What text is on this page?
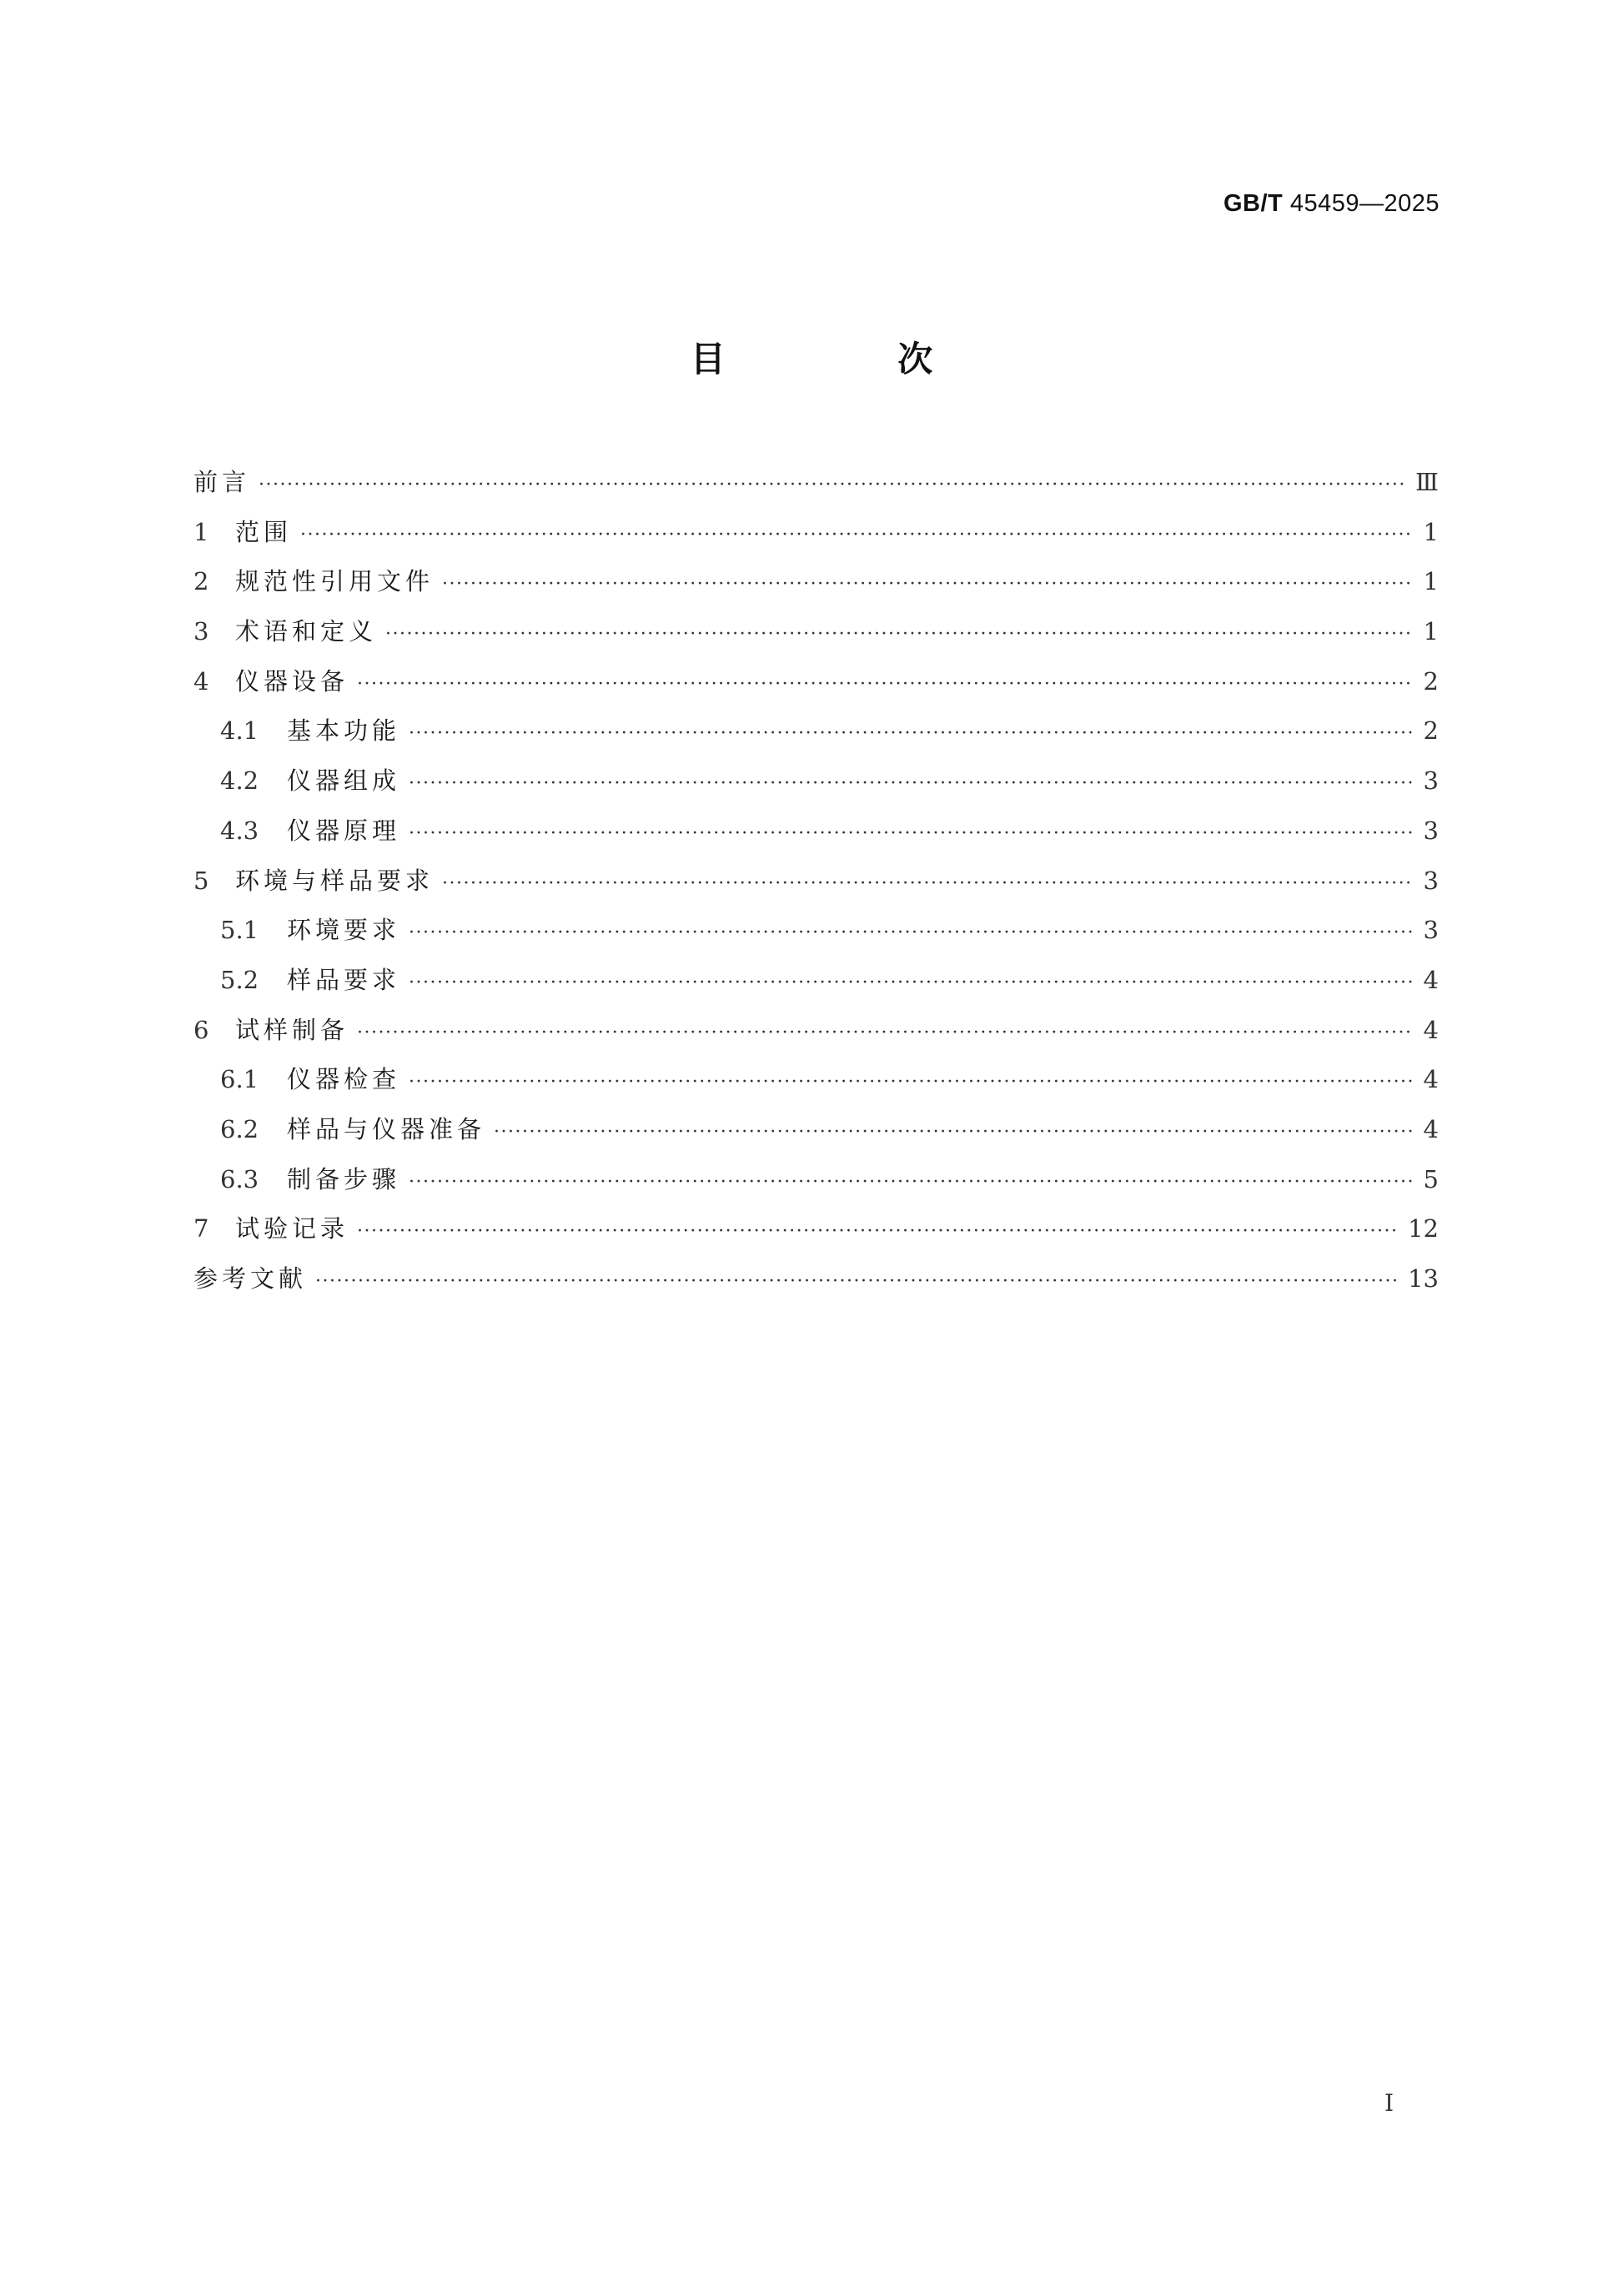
GB/T 45459—2025
目 次
前言 ·····	Ⅲ
1	范围 ·····	1
2	规范性引用文件 ·····	1
3	术语和定义 ·····	1
4	仪器设备 ·····	2
4.1	基本功能 ·····	2
4.2	仪器组成 ·····	3
4.3	仪器原理 ·····	3
5	环境与样品要求 ·····	3
5.1	环境要求 ·····	3
5.2	样品要求 ·····	4
6	试样制备 ·····	4
6.1	仪器检查 ·····	4
6.2	样品与仪器准备 ·····	4
6.3	制备步骤 ·····	5
7	试验记录 ·····	12
参考文献 ·····	13
I
